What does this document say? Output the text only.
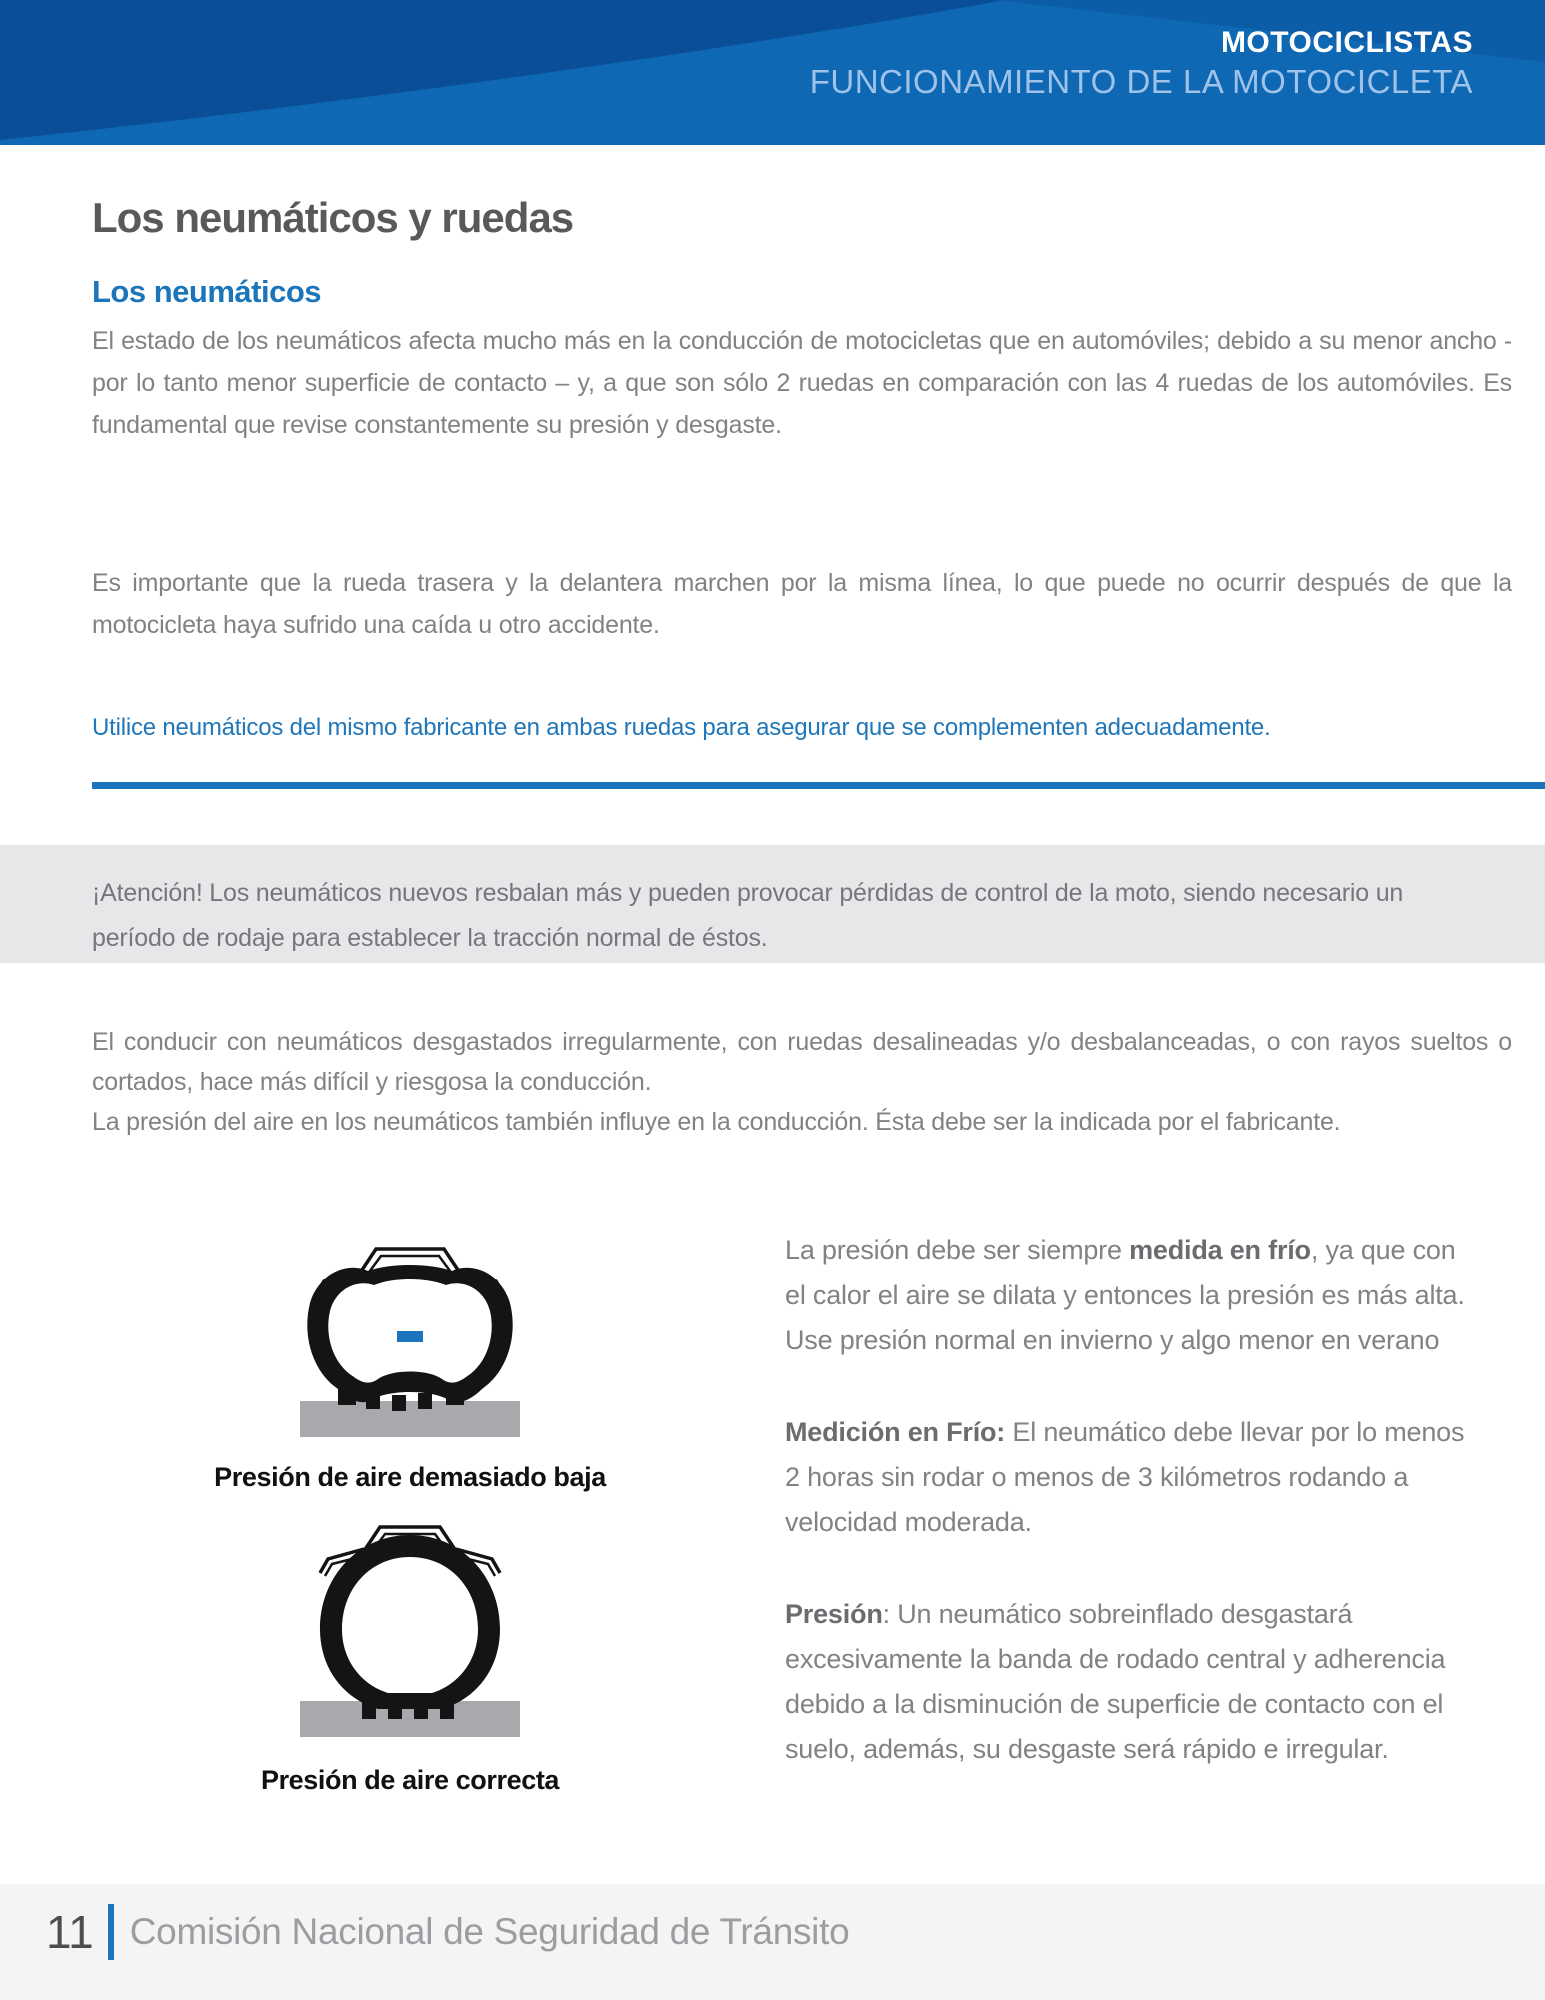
MOTOCICLISTAS
FUNCIONAMIENTO DE LA MOTOCICLETA
Los neumáticos y ruedas
Los neumáticos
El estado de los neumáticos afecta mucho más en la conducción de motocicletas que en automóviles; debido a su menor ancho - por lo tanto menor superficie de contacto – y, a que son sólo 2 ruedas en comparación con las 4 ruedas de los automóviles. Es fundamental que revise constantemente su presión y desgaste.
Es importante que la rueda trasera y la delantera marchen por la misma línea, lo que puede no ocurrir después de que la motocicleta haya sufrido una caída u otro accidente.
Utilice neumáticos del mismo fabricante en ambas ruedas para asegurar que se complementen adecuadamente.
¡Atención! Los neumáticos nuevos resbalan más y pueden provocar pérdidas de control de la moto, siendo necesario un período de rodaje para establecer la tracción normal de éstos.
El conducir con neumáticos desgastados irregularmente, con ruedas desalineadas y/o desbalanceadas, o con rayos sueltos o cortados, hace más difícil y riesgosa la conducción.
La presión del aire en los neumáticos también influye en la conducción. Ésta debe ser la indicada por el fabricante.
Presión de aire demasiado baja
Presión de aire correcta

La presión debe ser siempre medida en frío, ya que con el calor el aire se dilata y entonces la presión es más alta. Use presión normal en invierno y algo menor en verano

Medición en Frío: El neumático debe llevar por lo menos 2 horas sin rodar o menos de 3 kilómetros rodando a velocidad moderada.

Presión: Un neumático sobreinflado desgastará excesivamente la banda de rodado central y adherencia debido a la disminución de superficie de contacto con el suelo, además, su desgaste será rápido e irregular.

11 Comisión Nacional de Seguridad de Tránsito
